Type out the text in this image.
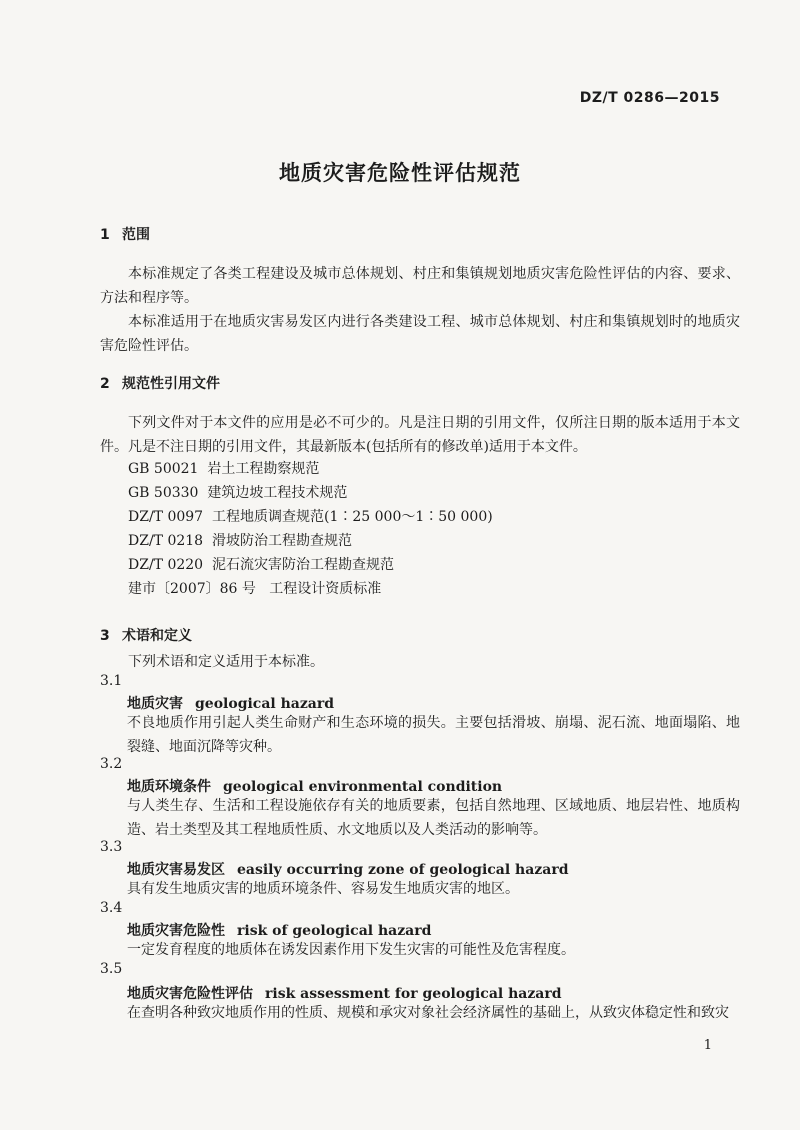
DZ/T 0286—2015
地质灾害危险性评估规范
1 范围
本标准规定了各类工程建设及城市总体规划、村庄和集镇规划地质灾害危险性评估的内容、要求、方法和程序等。
本标准适用于在地质灾害易发区内进行各类建设工程、城市总体规划、村庄和集镇规划时的地质灾害危险性评估。
2 规范性引用文件
下列文件对于本文件的应用是必不可少的。凡是注日期的引用文件，仅所注日期的版本适用于本文件。凡是不注日期的引用文件，其最新版本(包括所有的修改单)适用于本文件。
GB 50021 岩土工程勘察规范
GB 50330 建筑边坡工程技术规范
DZ/T 0097 工程地质调查规范(1∶25 000～1∶50 000)
DZ/T 0218 滑坡防治工程勘查规范
DZ/T 0220 泥石流灾害防治工程勘查规范
建市〔2007〕86 号 工程设计资质标准
3 术语和定义
下列术语和定义适用于本标准。
3.1
地质灾害 geological hazard
不良地质作用引起人类生命财产和生态环境的损失。主要包括滑坡、崩塌、泥石流、地面塌陷、地裂缝、地面沉降等灾种。
3.2
地质环境条件 geological environmental condition
与人类生存、生活和工程设施依存有关的地质要素，包括自然地理、区域地质、地层岩性、地质构造、岩土类型及其工程地质性质、水文地质以及人类活动的影响等。
3.3
地质灾害易发区 easily occurring zone of geological hazard
具有发生地质灾害的地质环境条件、容易发生地质灾害的地区。
3.4
地质灾害危险性 risk of geological hazard
一定发育程度的地质体在诱发因素作用下发生灾害的可能性及危害程度。
3.5
地质灾害危险性评估 risk assessment for geological hazard
在查明各种致灾地质作用的性质、规模和承灾对象社会经济属性的基础上，从致灾体稳定性和致灾
1
